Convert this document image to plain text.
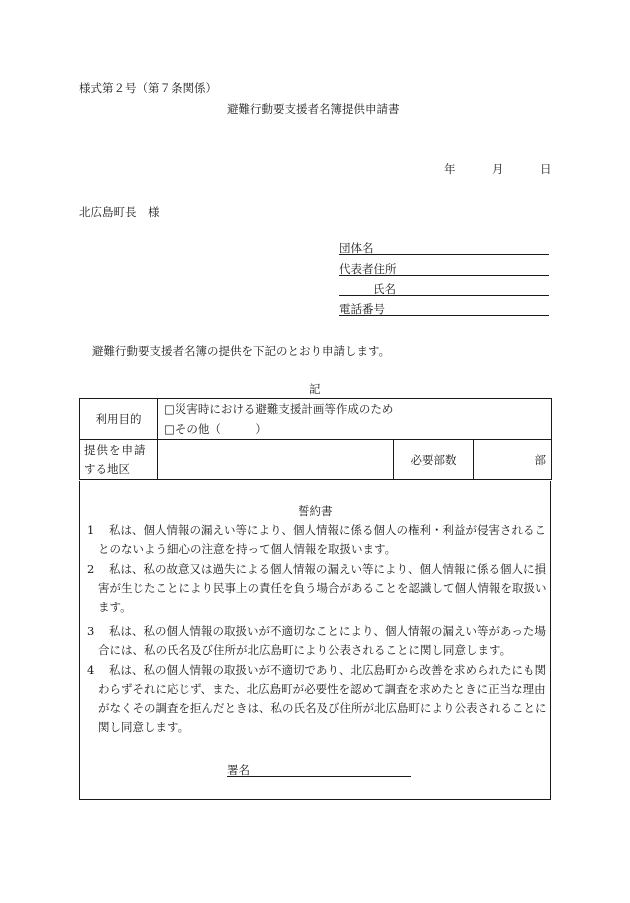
様式第２号（第７条関係）
避難行動要支援者名簿提供申請書
年	月	日
北広島町長　様
団体名
代表者住所
氏名
電話番号
避難行動要支援者名簿の提供を下記のとおり申請します。
記
利用目的	□災害時における避難支援計画等作成のため
□その他（　　　）		

提供を申請
する地区		必要部数	部
誓約書
1	私は、個人情報の漏えい等により、個人情報に係る個人の権利・利益が侵害されることのないよう細心の注意を持って個人情報を取扱います。
2	私は、私の故意又は過失による個人情報の漏えい等により、個人情報に係る個人に損害が生じたことにより民事上の責任を負う場合があることを認識して個人情報を取扱います。
3	私は、私の個人情報の取扱いが不適切なことにより、個人情報の漏えい等があった場合には、私の氏名及び住所が北広島町により公表されることに関し同意します。
4	私は、私の個人情報の取扱いが不適切であり、北広島町から改善を求められたにも関わらずそれに応じず、また、北広島町が必要性を認めて調査を求めたときに正当な理由がなくその調査を拒んだときは、私の氏名及び住所が北広島町により公表されることに関し同意します。
署名
